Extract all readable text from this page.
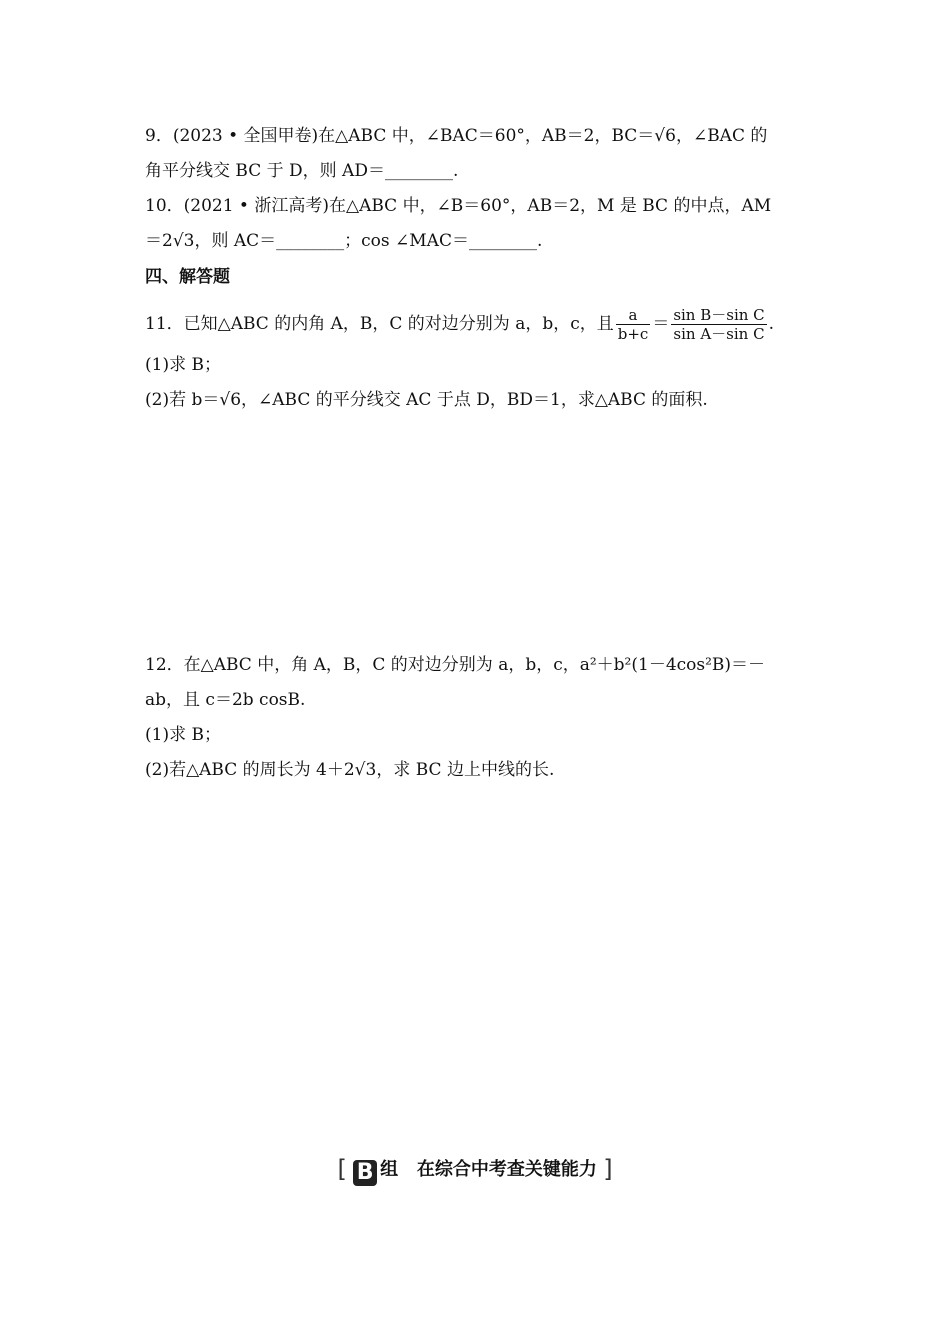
9．(2023 • 全国甲卷)在△ABC 中，∠BAC＝60°，AB＝2，BC＝√6，∠BAC 的
角平分线交 BC 于 D，则 AD＝________.
10．(2021 • 浙江高考)在△ABC 中，∠B＝60°，AB＝2，M 是 BC 的中点，AM
＝2√3，则 AC＝________；cos ∠MAC＝________.
四、解答题
11．已知△ABC 的内角 A，B，C 的对边分别为 a，b，c，且 $\frac{a}{b+c} = \frac{\text{sin B－sin C}}{\text{sin A－sin C}}$ .
(1)求 B；
(2)若 b＝√6，∠ABC 的平分线交 AC 于点 D，BD＝1，求△ABC 的面积.
12．在△ABC 中，角 A，B，C 的对边分别为 a，b，c，a²＋b²(1－4cos²B)＝－
ab，且 c＝2b cosB.
(1)求 B；
(2)若△ABC 的周长为 4＋2√3，求 BC 边上中线的长.
[ B 组 在综合中考查关键能力 ]
